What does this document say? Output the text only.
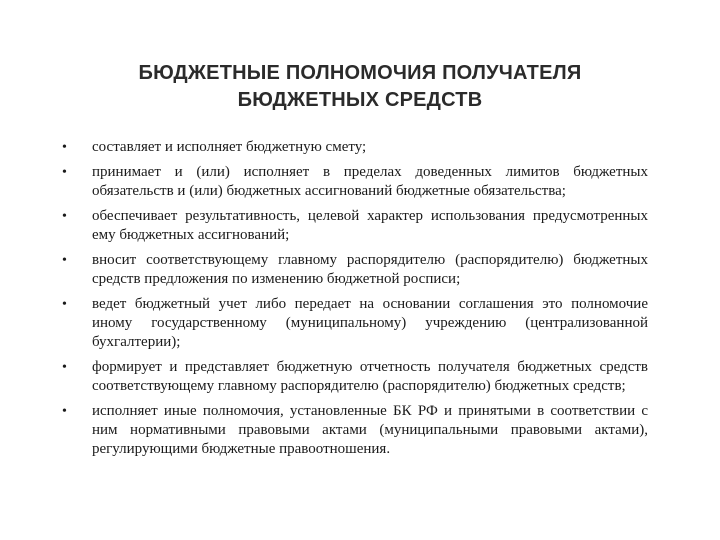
БЮДЖЕТНЫЕ ПОЛНОМОЧИЯ ПОЛУЧАТЕЛЯ
БЮДЖЕТНЫХ СРЕДСТВ
• составляет и исполняет бюджетную смету;
• принимает и (или) исполняет в пределах доведенных лимитов бюджетных обязательств и (или) бюджетных ассигнований бюджетные обязательства;
• обеспечивает результативность, целевой характер использования предусмотренных ему бюджетных ассигнований;
• вносит соответствующему главному распорядителю (распорядителю) бюджетных средств предложения по изменению бюджетной росписи;
• ведет бюджетный учет либо передает на основании соглашения это полномочие иному государственному (муниципальному) учреждению (централизованной бухгалтерии);
• формирует и представляет бюджетную отчетность получателя бюджетных средств соответствующему главному распорядителю (распорядителю) бюджетных средств;
• исполняет иные полномочия, установленные БК РФ и принятыми в соответствии с ним нормативными правовыми актами (муниципальными правовыми актами), регулирующими бюджетные правоотношения.
